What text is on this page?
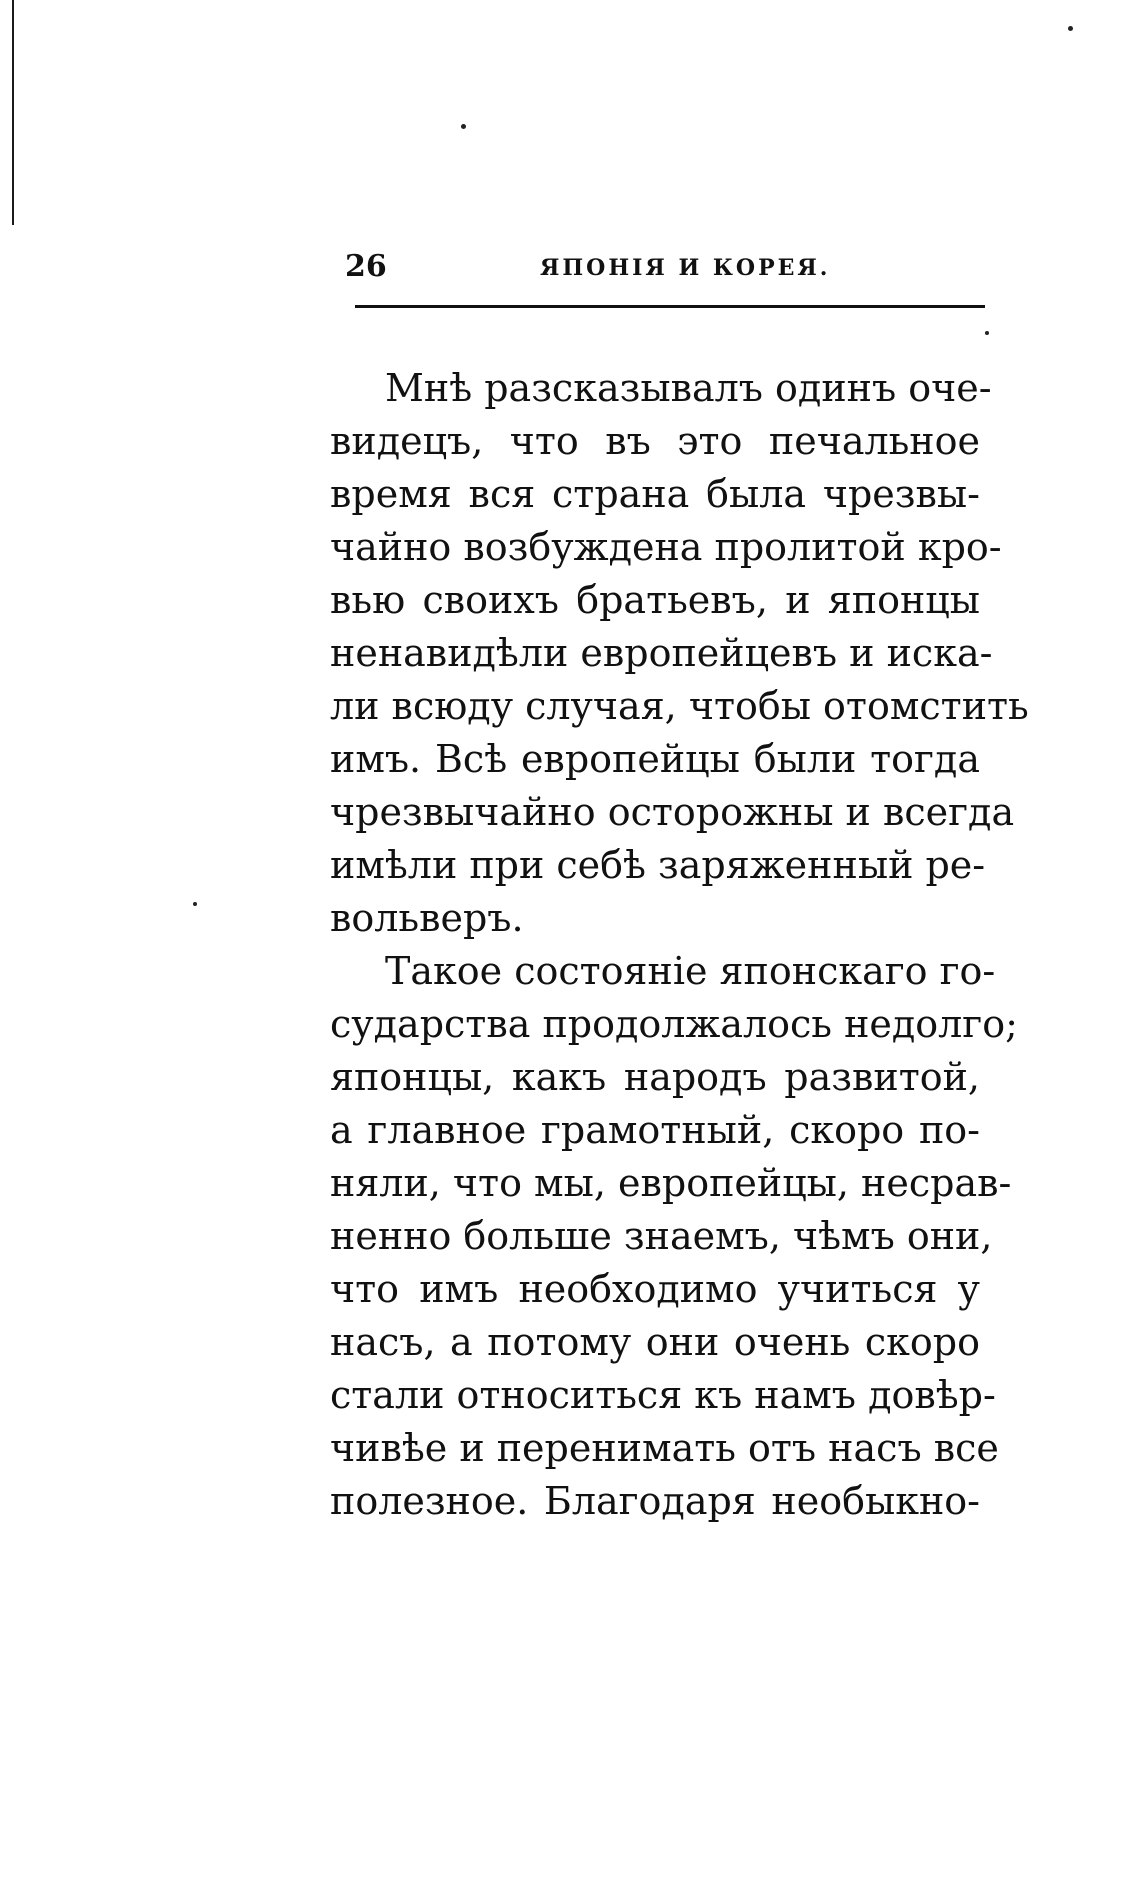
26	ЯПОНІЯ И КОРЕЯ.
Мнѣ разсказывалъ одинъ оче-
видецъ, что въ это печальное
время вся страна была чрезвы-
чайно возбуждена пролитой кро-
вью своихъ братьевъ, и японцы
ненавидѣли европейцевъ и иска-
ли всюду случая, чтобы отомстить
имъ. Всѣ европейцы были тогда
чрезвычайно осторожны и всегда
имѣли при себѣ заряженный ре-
вольверъ.
Такое состояніе японскаго го-
сударства продолжалось недолго;
японцы, какъ народъ развитой,
а главное грамотный, скоро по-
няли, что мы, европейцы, несрав-
ненно больше знаемъ, чѣмъ они,
что имъ необходимо учиться у
насъ, а потому они очень скоро
стали относиться къ намъ довѣр-
чивѣе и перенимать отъ насъ все
полезное. Благодаря необыкно-
